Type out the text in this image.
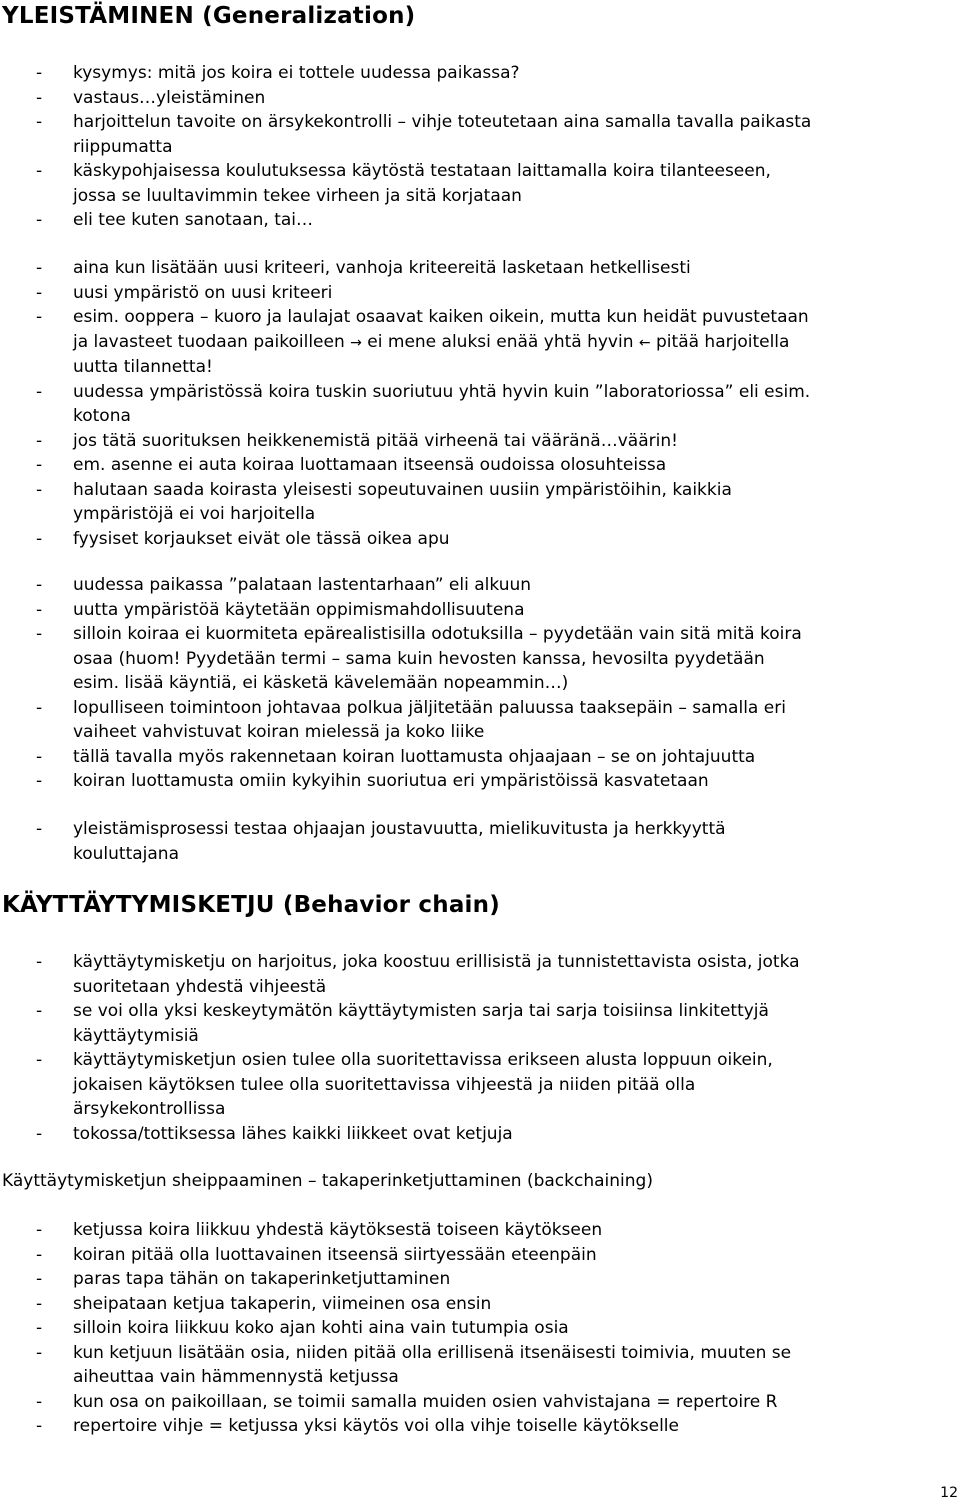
YLEISTÄMINEN (Generalization)
- kysymys: mitä jos koira ei tottele uudessa paikassa?
- vastaus…yleistäminen
- harjoittelun tavoite on ärsykekontrolli – vihje toteutetaan aina samalla tavalla paikasta
riippumatta
- käskypohjaisessa koulutuksessa käytöstä testataan laittamalla koira tilanteeseen,
jossa se luultavimmin tekee virheen ja sitä korjataan
- eli tee kuten sanotaan, tai…
- aina kun lisätään uusi kriteeri, vanhoja kriteereitä lasketaan hetkellisesti
- uusi ympäristö on uusi kriteeri
- esim. ooppera – kuoro ja laulajat osaavat kaiken oikein, mutta kun heidät puvustetaan
ja lavasteet tuodaan paikoilleen → ei mene aluksi enää yhtä hyvin ← pitää harjoitella
uutta tilannetta!
- uudessa ympäristössä koira tuskin suoriutuu yhtä hyvin kuin ”laboratoriossa” eli esim.
kotona
- jos tätä suorituksen heikkenemistä pitää virheenä tai vääränä…väärin!
- em. asenne ei auta koiraa luottamaan itseensä oudoissa olosuhteissa
- halutaan saada koirasta yleisesti sopeutuvainen uusiin ympäristöihin, kaikkia
ympäristöjä ei voi harjoitella
- fyysiset korjaukset eivät ole tässä oikea apu
- uudessa paikassa ”palataan lastentarhaan” eli alkuun
- uutta ympäristöä käytetään oppimismahdollisuutena
- silloin koiraa ei kuormiteta epärealistisilla odotuksilla – pyydetään vain sitä mitä koira
osaa (huom! Pyydetään termi – sama kuin hevosten kanssa, hevosilta pyydetään
esim. lisää käyntiä, ei käsketä kävelemään nopeammin…)
- lopulliseen toimintoon johtavaa polkua jäljitetään paluussa taaksepäin – samalla eri
vaiheet vahvistuvat koiran mielessä ja koko liike
- tällä tavalla myös rakennetaan koiran luottamusta ohjaajaan – se on johtajuutta
- koiran luottamusta omiin kykyihin suoriutua eri ympäristöissä kasvatetaan
- yleistämisprosessi testaa ohjaajan joustavuutta, mielikuvitusta ja herkkyyttä
kouluttajana
KÄYTTÄYTYMISKETJU (Behavior chain)
- käyttäytymisketju on harjoitus, joka koostuu erillisistä ja tunnistettavista osista, jotka
suoritetaan yhdestä vihjeestä
- se voi olla yksi keskeytymätön käyttäytymisten sarja tai sarja toisiinsa linkitettyjä
käyttäytymisiä
- käyttäytymisketjun osien tulee olla suoritettavissa erikseen alusta loppuun oikein,
jokaisen käytöksen tulee olla suoritettavissa vihjeestä ja niiden pitää olla
ärsykekontrollissa
- tokossa/tottiksessa lähes kaikki liikkeet ovat ketjuja

Käyttäytymisketjun sheippaaminen – takaperinketjuttaminen (backchaining)

- ketjussa koira liikkuu yhdestä käytöksestä toiseen käytökseen
- koiran pitää olla luottavainen itseensä siirtyessään eteenpäin
- paras tapa tähän on takaperinketjuttaminen
- sheipataan ketjua takaperin, viimeinen osa ensin
- silloin koira liikkuu koko ajan kohti aina vain tutumpia osia
- kun ketjuun lisätään osia, niiden pitää olla erillisenä itsenäisesti toimivia, muuten se
aiheuttaa vain hämmennystä ketjussa
- kun osa on paikoillaan, se toimii samalla muiden osien vahvistajana = repertoire R
- repertoire vihje = ketjussa yksi käytös voi olla vihje toiselle käytökselle

12
